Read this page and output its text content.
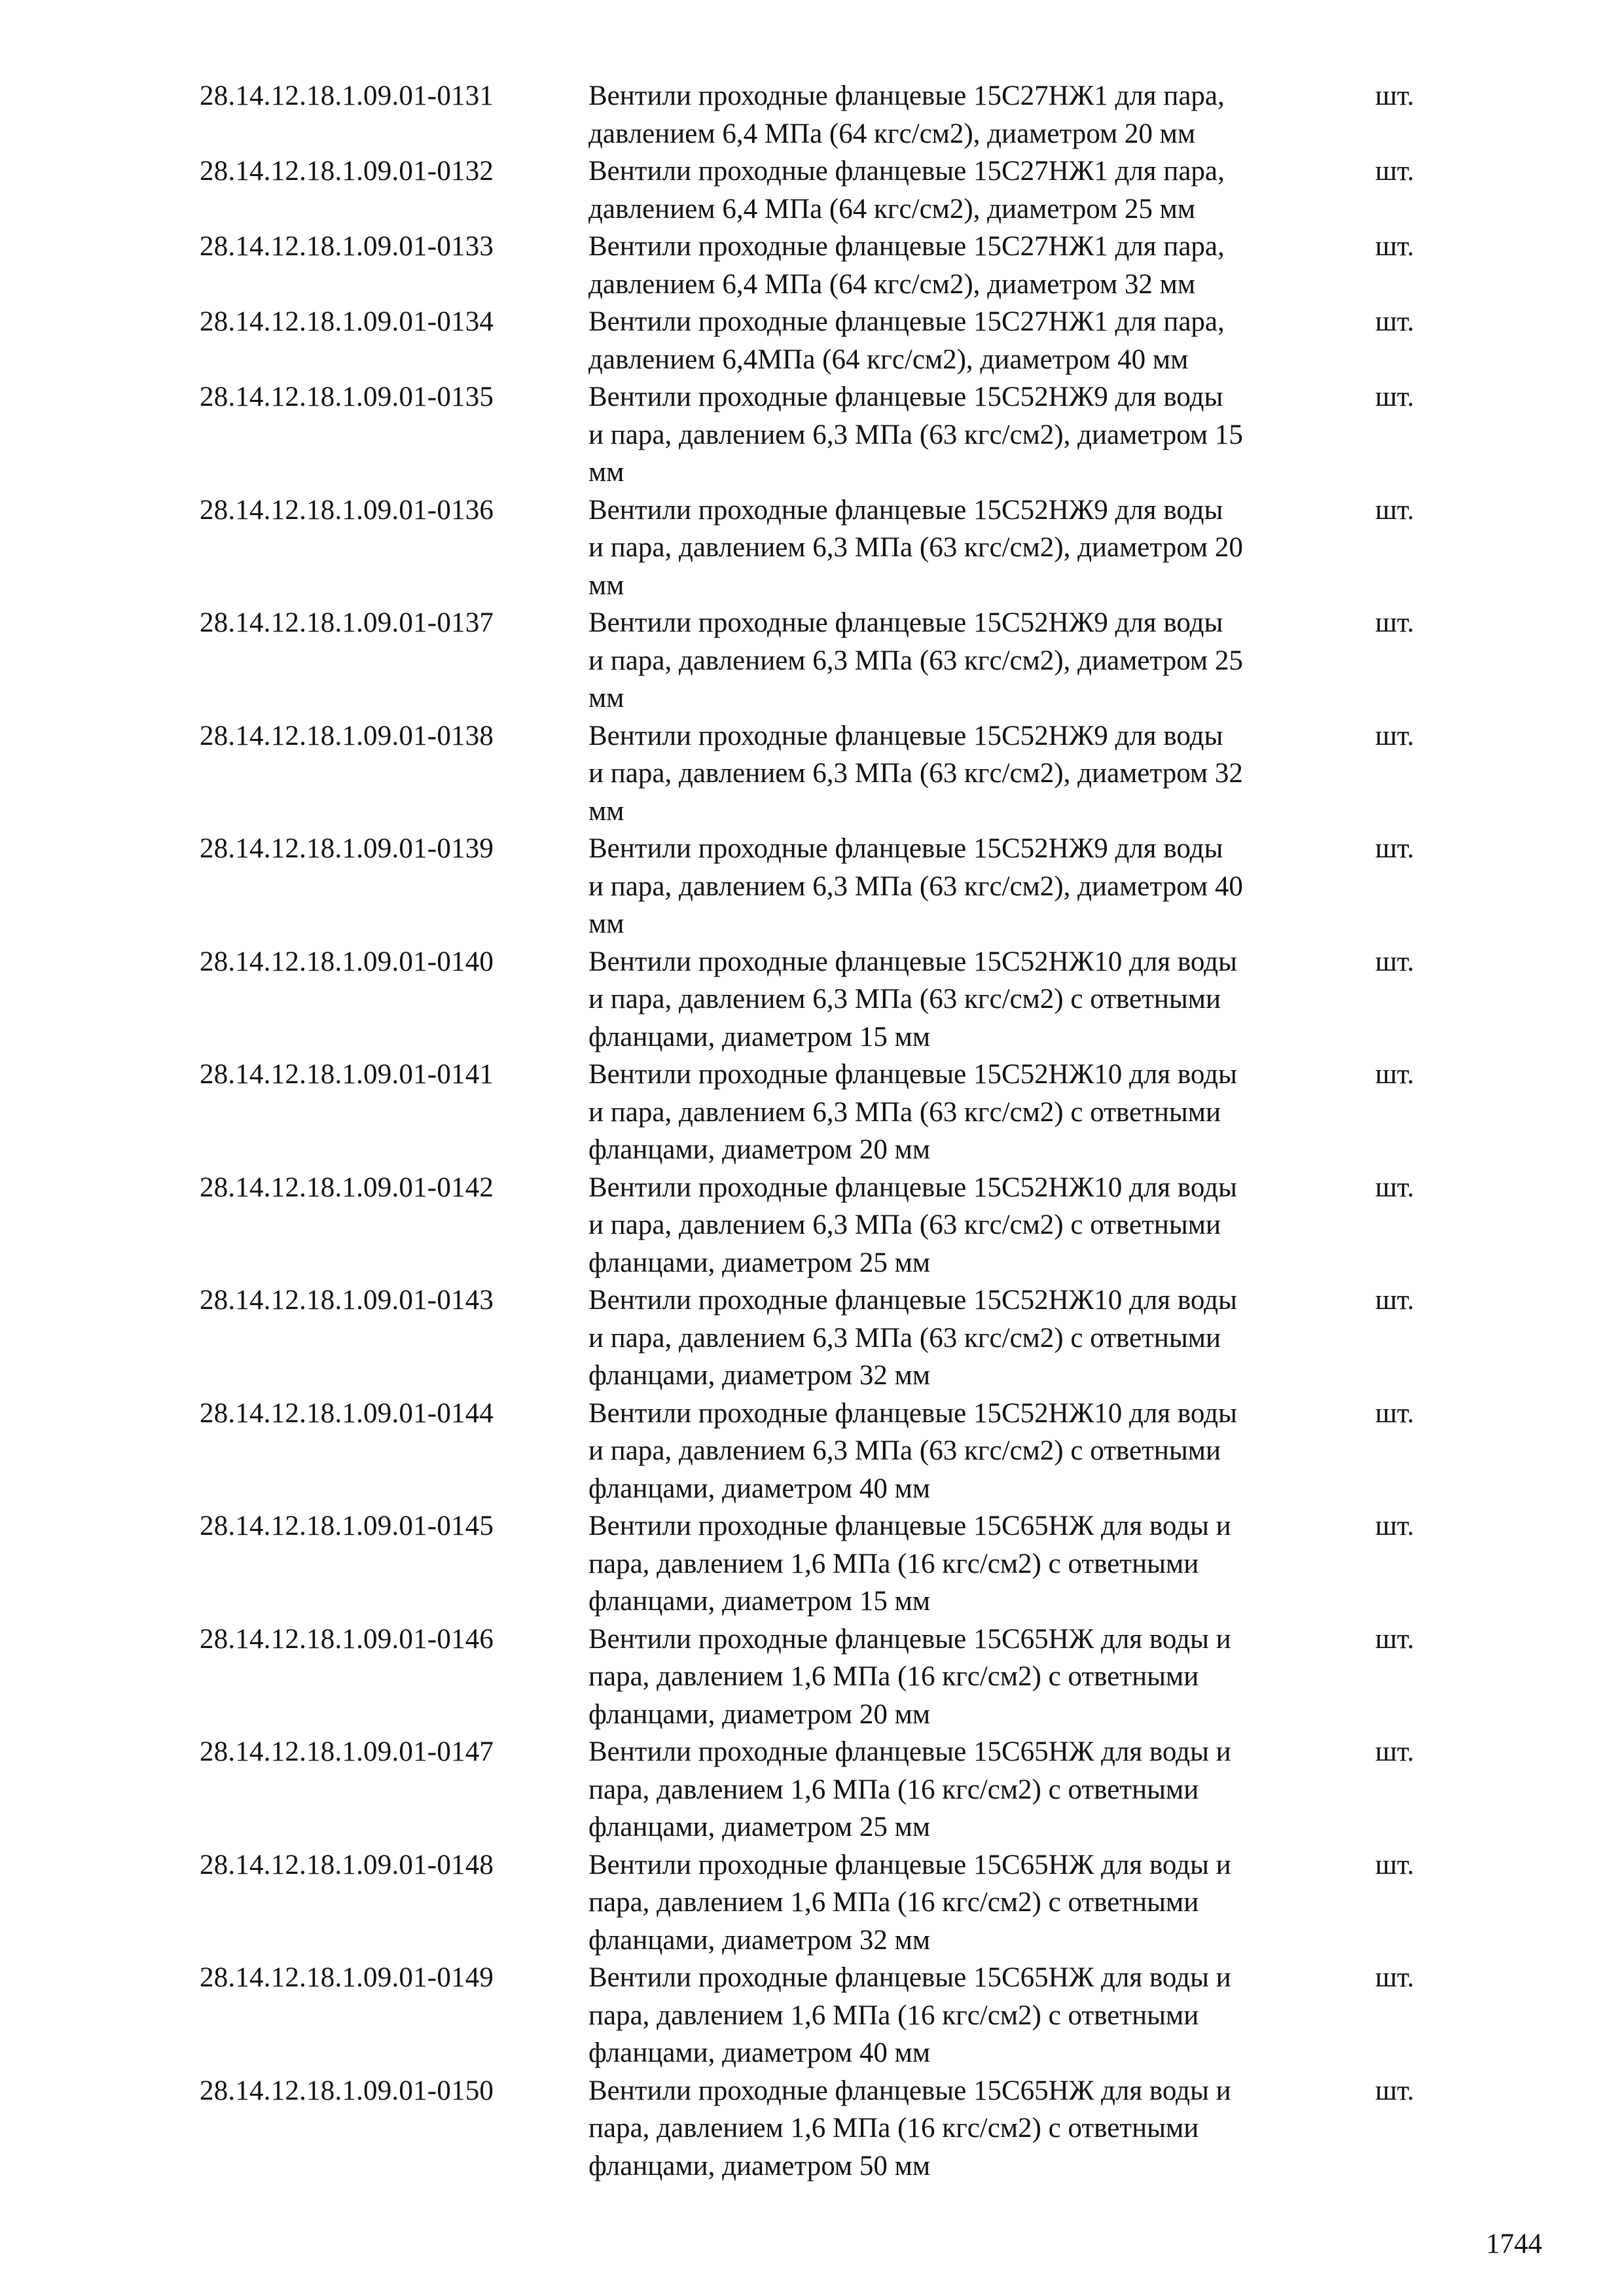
28.14.12.18.1.09.01-0131	Вентили проходные фланцевые 15С27НЖ1 для пара,
давлением 6,4 МПа (64 кгс/см2), диаметром 20 мм
шт.
28.14.12.18.1.09.01-0132	Вентили проходные фланцевые 15С27НЖ1 для пара,
давлением 6,4 МПа (64 кгс/см2), диаметром 25 мм
шт.
28.14.12.18.1.09.01-0133	Вентили проходные фланцевые 15С27НЖ1 для пара,
давлением 6,4 МПа (64 кгс/см2), диаметром 32 мм
шт.
28.14.12.18.1.09.01-0134	Вентили проходные фланцевые 15С27НЖ1 для пара,
давлением 6,4МПа (64 кгс/см2), диаметром 40 мм
шт.
28.14.12.18.1.09.01-0135	Вентили проходные фланцевые 15С52НЖ9 для воды
и пара, давлением 6,3 МПа (63 кгс/см2), диаметром 15
мм
шт.
28.14.12.18.1.09.01-0136	Вентили проходные фланцевые 15С52НЖ9 для воды
и пара, давлением 6,3 МПа (63 кгс/см2), диаметром 20
мм
шт.
28.14.12.18.1.09.01-0137	Вентили проходные фланцевые 15С52НЖ9 для воды
и пара, давлением 6,3 МПа (63 кгс/см2), диаметром 25
мм
шт.
28.14.12.18.1.09.01-0138	Вентили проходные фланцевые 15С52НЖ9 для воды
и пара, давлением 6,3 МПа (63 кгс/см2), диаметром 32
мм
шт.
28.14.12.18.1.09.01-0139	Вентили проходные фланцевые 15С52НЖ9 для воды
и пара, давлением 6,3 МПа (63 кгс/см2), диаметром 40
мм
шт.
28.14.12.18.1.09.01-0140	Вентили проходные фланцевые 15С52НЖ10 для воды
и пара, давлением 6,3 МПа (63 кгс/см2) с ответными
фланцами, диаметром 15 мм
шт.
28.14.12.18.1.09.01-0141	Вентили проходные фланцевые 15С52НЖ10 для воды
и пара, давлением 6,3 МПа (63 кгс/см2) с ответными
фланцами, диаметром 20 мм
шт.
28.14.12.18.1.09.01-0142	Вентили проходные фланцевые 15С52НЖ10 для воды
и пара, давлением 6,3 МПа (63 кгс/см2) с ответными
фланцами, диаметром 25 мм
шт.
28.14.12.18.1.09.01-0143	Вентили проходные фланцевые 15С52НЖ10 для воды
и пара, давлением 6,3 МПа (63 кгс/см2) с ответными
фланцами, диаметром 32 мм
шт.
28.14.12.18.1.09.01-0144	Вентили проходные фланцевые 15С52НЖ10 для воды
и пара, давлением 6,3 МПа (63 кгс/см2) с ответными
фланцами, диаметром 40 мм
шт.
28.14.12.18.1.09.01-0145	Вентили проходные фланцевые 15С65НЖ для воды и
пара, давлением 1,6 МПа (16 кгс/см2) с ответными
фланцами, диаметром 15 мм
шт.
28.14.12.18.1.09.01-0146	Вентили проходные фланцевые 15С65НЖ для воды и
пара, давлением 1,6 МПа (16 кгс/см2) с ответными
фланцами, диаметром 20 мм
шт.
28.14.12.18.1.09.01-0147	Вентили проходные фланцевые 15С65НЖ для воды и
пара, давлением 1,6 МПа (16 кгс/см2) с ответными
фланцами, диаметром 25 мм
шт.
28.14.12.18.1.09.01-0148	Вентили проходные фланцевые 15С65НЖ для воды и
пара, давлением 1,6 МПа (16 кгс/см2) с ответными
фланцами, диаметром 32 мм
шт.
28.14.12.18.1.09.01-0149	Вентили проходные фланцевые 15С65НЖ для воды и
пара, давлением 1,6 МПа (16 кгс/см2) с ответными
фланцами, диаметром 40 мм
шт.
28.14.12.18.1.09.01-0150	Вентили проходные фланцевые 15С65НЖ для воды и
пара, давлением 1,6 МПа (16 кгс/см2) с ответными
фланцами, диаметром 50 мм
шт.
1744
